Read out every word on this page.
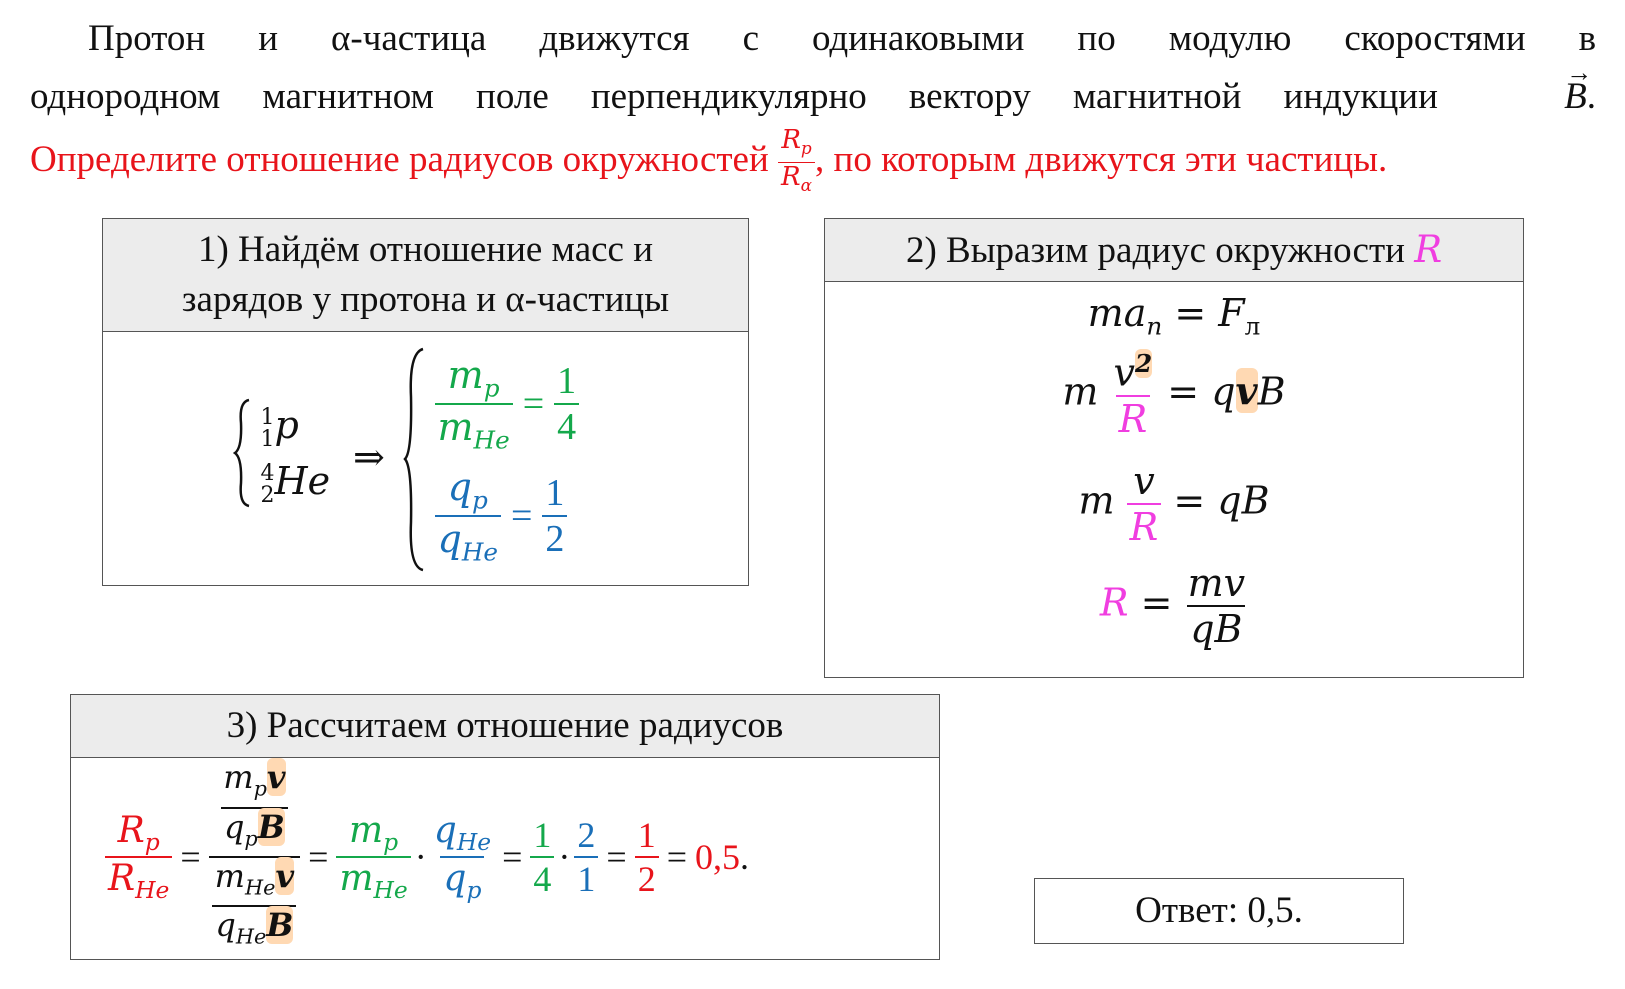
Протон и α-частица движутся с одинаковыми по модулю скоростями в
однородном магнитном поле перпендикулярно вектору магнитной индукции   →	B.
Определите отношение радиусов окружностей $\frac{R_p}{R_\alpha}$ , по которым движутся эти частицы.
1) Найдём отношение масс и
зарядов у протона и α-частицы

1
1 p
4
2 He
⇒

$\frac{m_p}{m_{He}} = \frac{1}{4}$
$\frac{q_p}{q_{He}} = \frac{1}{2}$
2) Выразим радиус окружности R
$ma_n = F_л$
m $\frac{v^2}{R}$ = qvB
m $\frac{v}{R}$ = qB
$R = \frac{mv}{qB}$
3) Рассчитаем отношение радиусов
$\frac{R_p}{R_{He}} = \frac{\frac{m_pv}{q_pB}}{\frac{m_{He}v}{q_{He}B}} = \frac{m_p}{m_{He}} \cdot \frac{q_{He}}{q_p} = \frac{1}{4} \cdot \frac{2}{1} = \frac{1}{2} = 0,5$ .
Ответ: 0,5.
